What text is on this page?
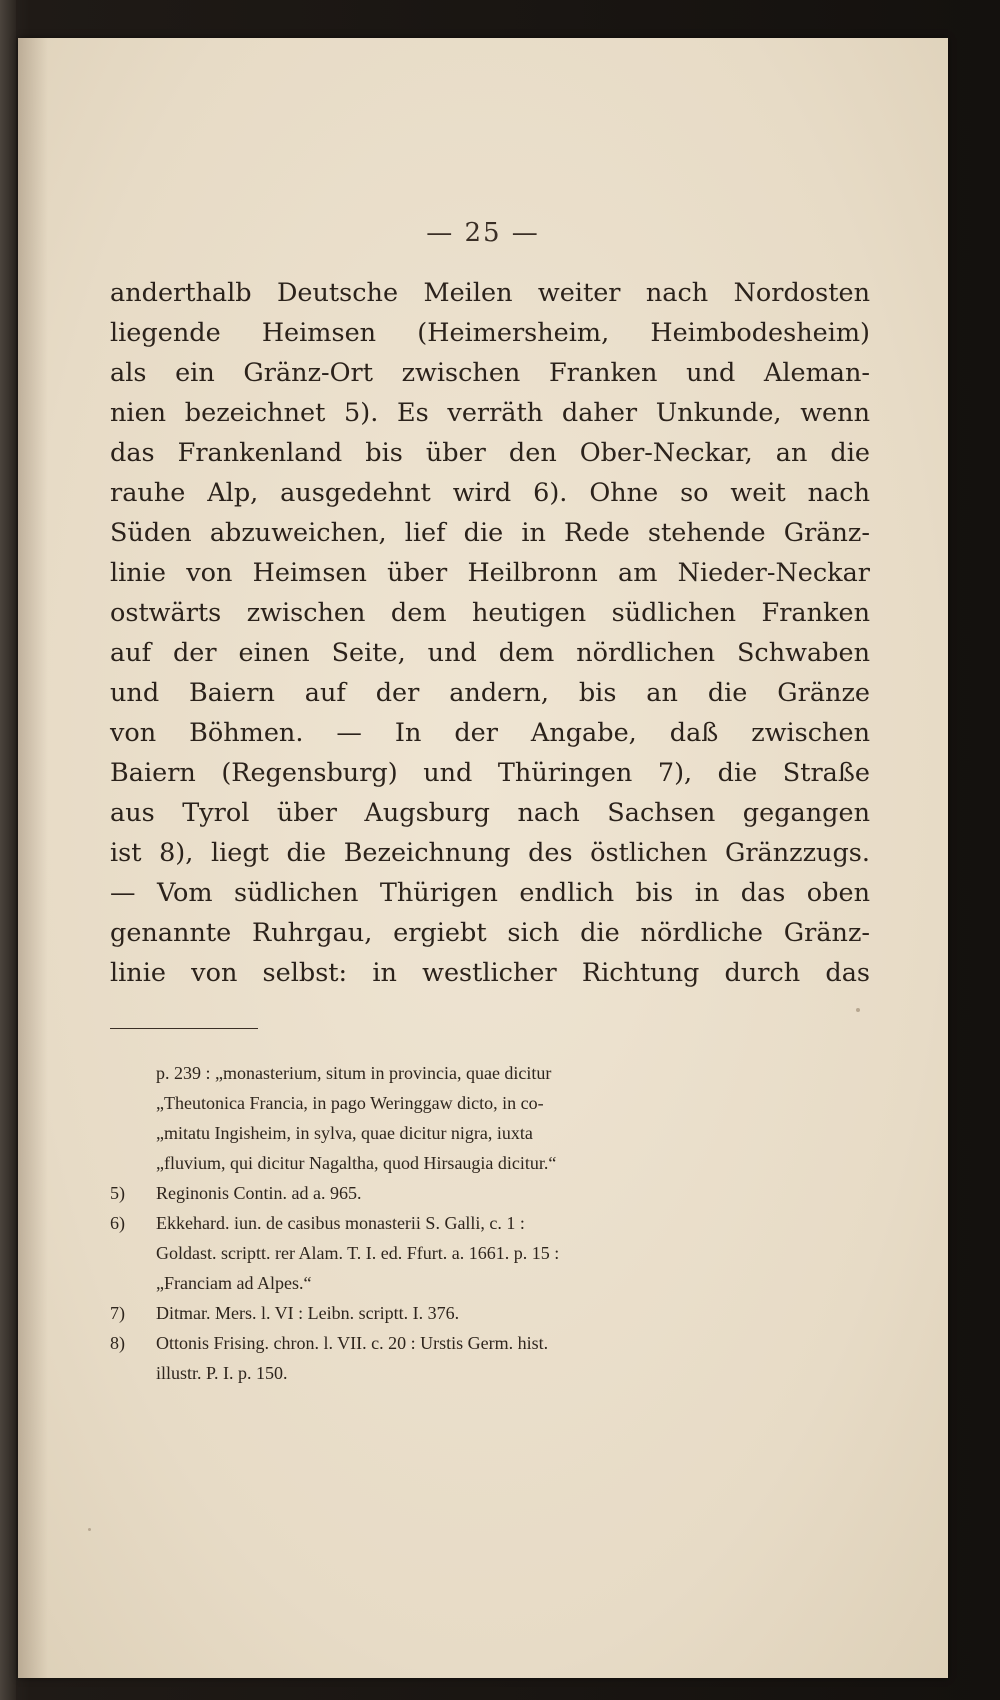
— 25 —
anderthalb Deutsche Meilen weiter nach Nordosten
liegende Heimsen (Heimersheim, Heimbodesheim)
als ein Gränz-Ort zwischen Franken und Aleman-
nien bezeichnet 5). Es verräth daher Unkunde, wenn
das Frankenland bis über den Ober-Neckar, an die
rauhe Alp, ausgedehnt wird 6). Ohne so weit nach
Süden abzuweichen, lief die in Rede stehende Gränz-
linie von Heimsen über Heilbronn am Nieder-Neckar
ostwärts zwischen dem heutigen südlichen Franken
auf der einen Seite, und dem nördlichen Schwaben
und Baiern auf der andern, bis an die Gränze
von Böhmen. — In der Angabe, daß zwischen
Baiern (Regensburg) und Thüringen 7), die Straße
aus Tyrol über Augsburg nach Sachsen gegangen
ist 8), liegt die Bezeichnung des östlichen Gränzzugs.
— Vom südlichen Thürigen endlich bis in das oben
genannte Ruhrgau, ergiebt sich die nördliche Gränz-
linie von selbst: in westlicher Richtung durch das
p. 239 : „monasterium, situm in provincia, quae dicitur
„Theutonica Francia, in pago Weringgaw dicto, in co-
„mitatu Ingisheim, in sylva, quae dicitur nigra, iuxta
„fluvium, qui dicitur Nagaltha, quod Hirsaugia dicitur.“
5) Reginonis Contin. ad a. 965.
6) Ekkehard. iun. de casibus monasterii S. Galli, c. 1 :
Goldast. scriptt. rer Alam. T. I. ed. Ffurt. a. 1661. p. 15 :
„Franciam ad Alpes.“
7) Ditmar. Mers. l. VI : Leibn. scriptt. I. 376.
8) Ottonis Frising. chron. l. VII. c. 20 : Urstis Germ. hist.
illustr. P. I. p. 150.
